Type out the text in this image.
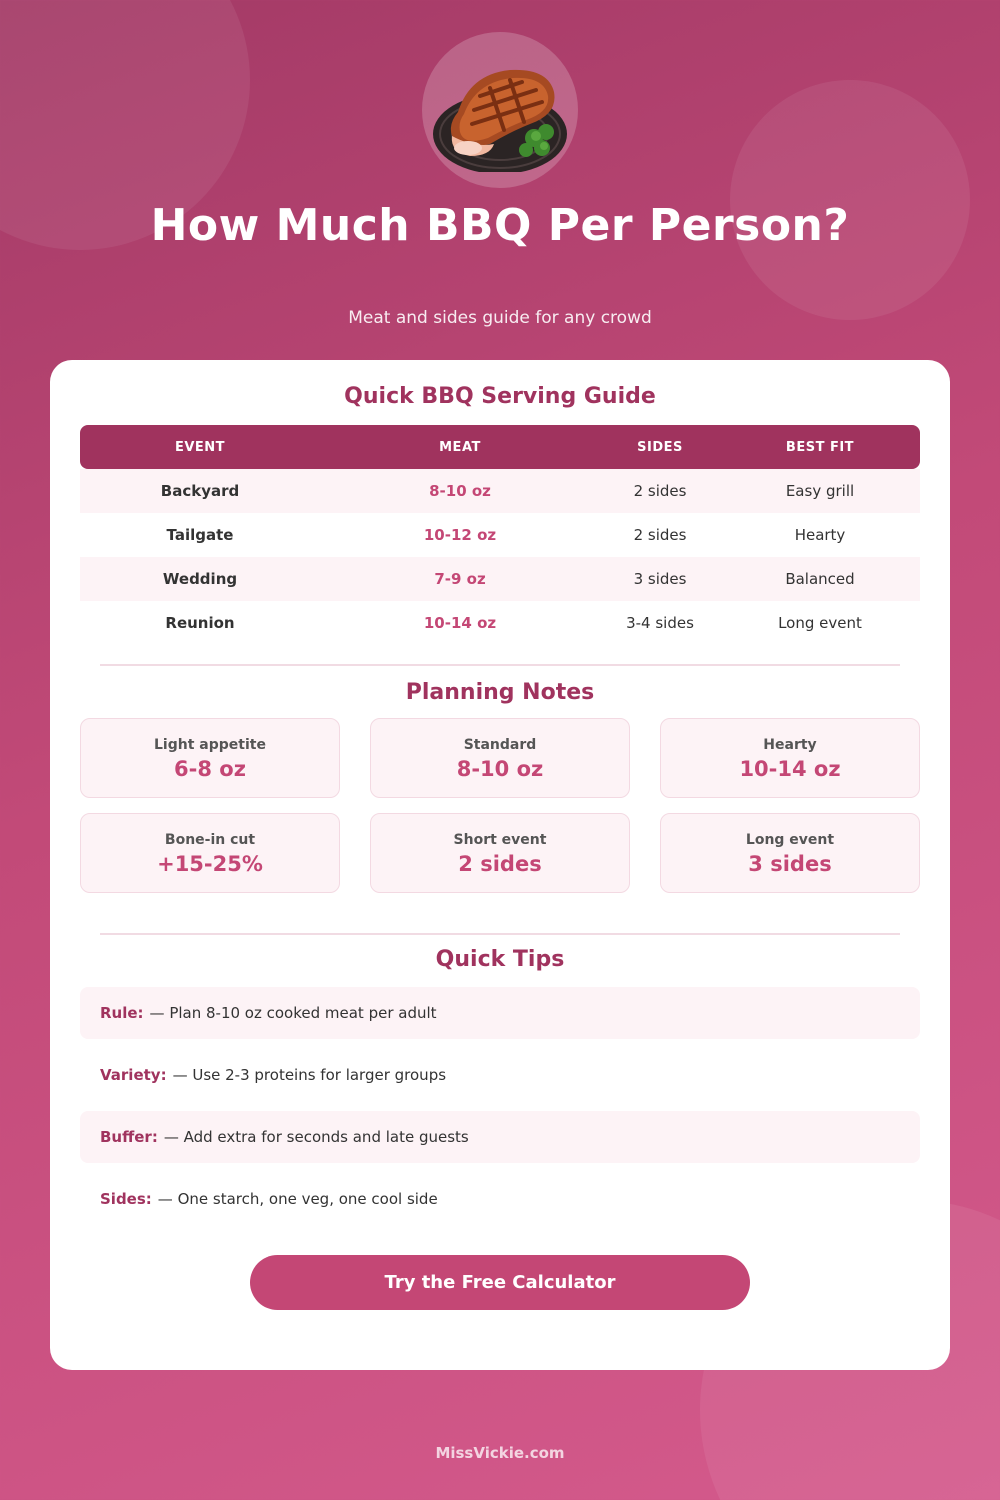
How Much BBQ Per Person?
Meat and sides guide for any crowd
Quick BBQ Serving Guide
EVENT	MEAT	SIDES	BEST FIT
Backyard	8-10 oz	2 sides	Easy grill
Tailgate	10-12 oz	2 sides	Hearty
Wedding	7-9 oz	3 sides	Balanced
Reunion	10-14 oz	3-4 sides	Long event
Planning Notes
Light appetite
6-8 oz
Standard
8-10 oz
Hearty
10-14 oz
Bone-in cut
+15-25%
Short event
2 sides
Long event
3 sides
Quick Tips
Rule: — Plan 8-10 oz cooked meat per adult
Variety: — Use 2-3 proteins for larger groups
Buffer: — Add extra for seconds and late guests
Sides: — One starch, one veg, one cool side
Try the Free Calculator
MissVickie.com
